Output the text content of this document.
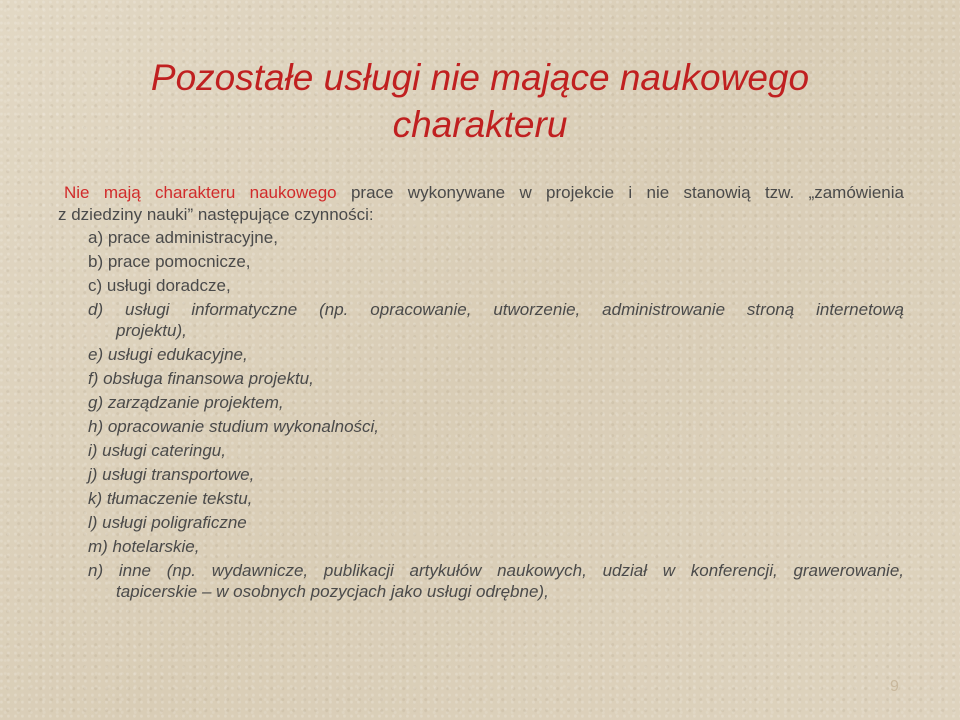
Pozostałe usługi nie mające naukowego charakteru
Nie mają charakteru naukowego prace wykonywane w projekcie i nie stanowią tzw. „zamówienia
z dziedziny nauki” następujące czynności:
a) prace administracyjne,
b) prace pomocnicze,
c) usługi doradcze,
d) usługi informatyczne (np. opracowanie, utworzenie, administrowanie stroną internetową
projektu),
e) usługi edukacyjne,
f) obsługa finansowa projektu,
g) zarządzanie projektem,
h) opracowanie studium wykonalności,
i) usługi cateringu,
j) usługi transportowe,
k) tłumaczenie tekstu,
l) usługi poligraficzne
m) hotelarskie,
n) inne (np. wydawnicze, publikacji artykułów naukowych, udział w konferencji, grawerowanie,
tapicerskie – w osobnych pozycjach jako usługi odrębne),
9
